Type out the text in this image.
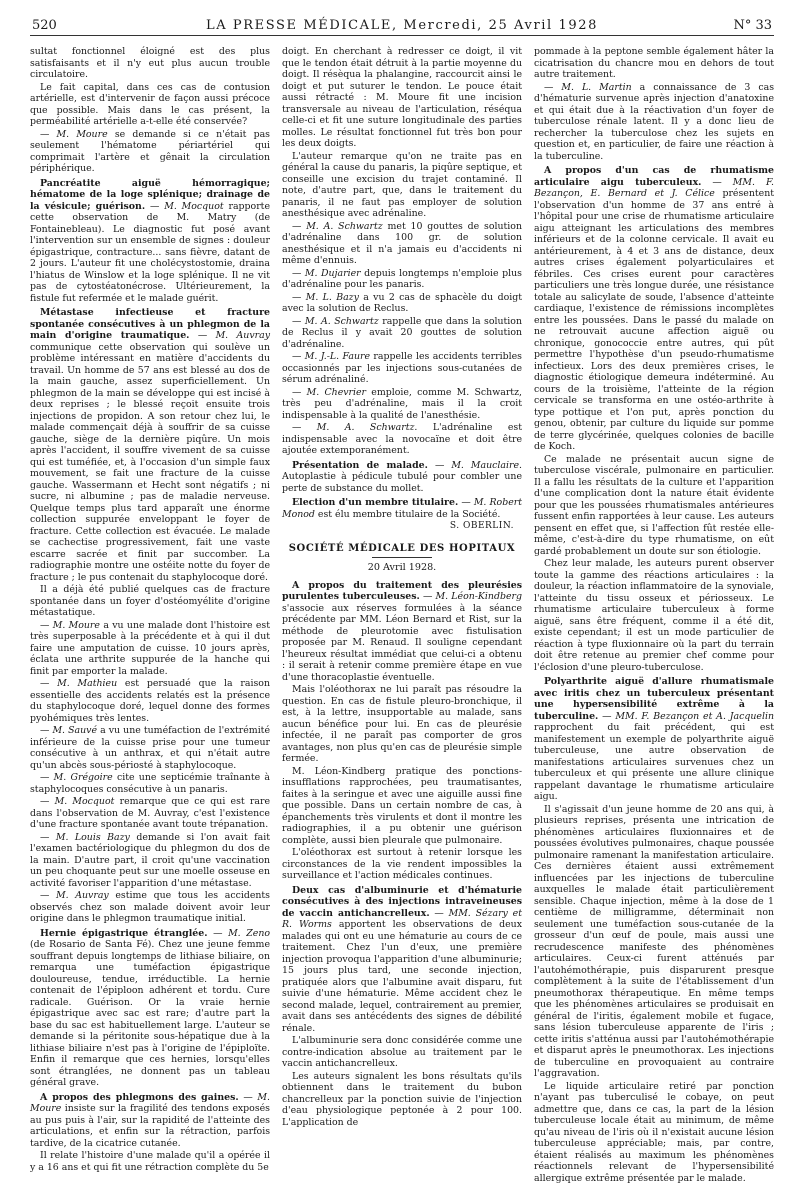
520	LA PRESSE MÉDICALE, Mercredi, 25 Avril 1928	N° 33

sultat fonctionnel éloigné est des plus satisfaisants et il n'y eut plus aucun trouble circulatoire.

Le fait capital, dans ces cas de contusion artérielle, est d'intervenir de façon aussi précoce que possible. Mais dans le cas présent, la perméabilité artérielle a-t-elle été conservée?

— M. Moure se demande si ce n'était pas seulement l'hématome périartériel qui comprimait l'artère et gênait la circulation périphérique.

Pancréatite aiguë hémorragique; hématome de la loge splénique; drainage de la vésicule; guérison. — M. Mocquot rapporte cette observation de M. Matry (de Fontainebleau). Le diagnostic fut posé avant l'intervention sur un ensemble de signes : douleur épigastrique, contracture... sans fièvre, datant de 2 jours. L'auteur fit une cholécystostomie, draina l'hiatus de Winslow et la loge splénique. Il ne vit pas de cytostéatonécrose. Ultérieurement, la fistule fut refermée et le malade guérit.

Métastase infectieuse et fracture spontanée consécutives à un phlegmon de la main d'origine traumatique. — M. Auvray communique cette observation qui soulève un problème intéressant en matière d'accidents du travail. Un homme de 57 ans est blessé au dos de la main gauche, assez superficiellement. Un phlegmon de la main se développe qui est incisé à deux reprises ; le blessé reçoit ensuite trois injections de propidon. A son retour chez lui, le malade commençait déjà à souffrir de sa cuisse gauche, siège de la dernière piqûre. Un mois après l'accident, il souffre vivement de sa cuisse qui est tuméfiée, et, à l'occasion d'un simple faux mouvement, se fait une fracture de la cuisse gauche. Wassermann et Hecht sont négatifs ; ni sucre, ni albumine ; pas de maladie nerveuse. Quelque temps plus tard apparaît une énorme collection suppurée enveloppant le foyer de fracture. Cette collection est évacuée. Le malade se cachectise progressivement, fait une vaste escarre sacrée et finit par succomber. La radiographie montre une ostéite notte du foyer de fracture ; le pus contenait du staphylocoque doré.

Il a déjà été publié quelques cas de fracture spontanée dans un foyer d'ostéomyélite d'origine métastatique.

— M. Moure a vu une malade dont l'histoire est très superposable à la précédente et à qui il dut faire une amputation de cuisse. 10 jours après, éclata une arthrite suppurée de la hanche qui finit par emporter la malade.

— M. Mathieu est persuadé que la raison essentielle des accidents relatés est la présence du staphylocoque doré, lequel donne des formes pyohémiques très lentes.

— M. Sauvé a vu une tuméfaction de l'extrémité inférieure de la cuisse prise pour une tumeur consécutive à un anthrax, et qui n'était autre qu'un abcès sous-périosté à staphylocoque.

— M. Grégoire cite une septicémie traînante à staphylocoques consécutive à un panaris.

— M. Mocquot remarque que ce qui est rare dans l'observation de M. Auvray, c'est l'existence d'une fracture spontanée avant toute trépanation.

— M. Louis Bazy demande si l'on avait fait l'examen bactériologique du phlegmon du dos de la main. D'autre part, il croit qu'une vaccination un peu choquante peut sur une moelle osseuse en activité favoriser l'apparition d'une métastase.

— M. Auvray estime que tous les accidents observés chez son malade doivent avoir leur origine dans le phlegmon traumatique initial.

Hernie épigastrique étranglée. — M. Zeno (de Rosario de Santa Fé). Chez une jeune femme souffrant depuis longtemps de lithiase biliaire, on remarqua une tuméfaction épigastrique douloureuse, tendue, irréductible. La hernie contenait de l'épiploon adhérent et tordu. Cure radicale. Guérison. Or la vraie hernie épigastrique avec sac est rare; d'autre part la base du sac est habituellement large. L'auteur se demande si la péritonite sous-hépatique due à la lithiase biliaire n'est pas à l'origine de l'épiploïte. Enfin il remarque que ces hernies, lorsqu'elles sont étranglées, ne donnent pas un tableau général grave.

A propos des phlegmons des gaines. — M. Moure insiste sur la fragilité des tendons exposés au pus puis à l'air, sur la rapidité de l'atteinte des articulations, et enfin sur la rétraction, parfois tardive, de la cicatrice cutanée.

Il relate l'histoire d'une malade qu'il a opérée il y a 16 ans et qui fit une rétraction complète du 5e

doigt. En cherchant à redresser ce doigt, il vit que le tendon était détruit à la partie moyenne du doigt. Il résèqua la phalangine, raccourcit ainsi le doigt et put suturer le tendon. Le pouce était aussi rétracté : M. Moure fit une incision transversale au niveau de l'articulation, réséqua celle-ci et fit une suture longitudinale des parties molles. Le résultat fonctionnel fut très bon pour les deux doigts.

L'auteur remarque qu'on ne traite pas en général la cause du panaris, la piqûre septique, et conseille une excision du trajet contaminé. Il note, d'autre part, que, dans le traitement du panaris, il ne faut pas employer de solution anesthésique avec adrénaline.

— M. A. Schwartz met 10 gouttes de solution d'adrénaline dans 100 gr. de solution anesthésique et il n'a jamais eu d'accidents ni même d'ennuis.

— M. Dujarier depuis longtemps n'emploie plus d'adrénaline pour les panaris.

— M. L. Bazy a vu 2 cas de sphacèle du doigt avec la solution de Reclus.

— M. A. Schwartz rappelle que dans la solution de Reclus il y avait 20 gouttes de solution d'adrénaline.

— M. J.-L. Faure rappelle les accidents terribles occasionnés par les injections sous-cutanées de sérum adrénaliné.

— M. Chevrier emploie, comme M. Schwartz, très peu d'adrénaline, mais il la croit indispensable à la qualité de l'anesthésie.

— M. A. Schwartz. L'adrénaline est indispensable avec la novocaïne et doit être ajoutée extemporanément.

Présentation de malade. — M. Mauclaire. Autoplastie à pédicule tubulé pour combler une perte de substance du mollet.

Election d'un membre titulaire. — M. Robert Monod est élu membre titulaire de la Société.

S. OBERLIN.
SOCIÉTÉ MÉDICALE DES HOPITAUX
20 Avril 1928.

A propos du traitement des pleurésies purulentes tuberculeuses. — M. Léon-Kindberg s'associe aux réserves formulées à la séance précédente par MM. Léon Bernard et Rist, sur la méthode de pleurotomie avec fistulisation proposée par M. Renaud. Il souligne cependant l'heureux résultat immédiat que celui-ci a obtenu : il serait à retenir comme première étape en vue d'une thoracoplastie éventuelle.

Mais l'oléothorax ne lui paraît pas résoudre la question. En cas de fistule pleuro-bronchique, il est, à la lettre, insupportable au malade, sans aucun bénéfice pour lui. En cas de pleurésie infectée, il ne paraît pas comporter de gros avantages, non plus qu'en cas de pleurésie simple fermée.

M. Léon-Kindberg pratique des ponctions-insufflations rapprochées, peu traumatisantes, faites à la seringue et avec une aiguille aussi fine que possible. Dans un certain nombre de cas, à épanchements très virulents et dont il montre les radiographies, il a pu obtenir une guérison complète, aussi bien pleurale que pulmonaire.

L'oléothorax est surtout à retenir lorsque les circonstances de la vie rendent impossibles la surveillance et l'action médicales continues.

Deux cas d'albuminurie et d'hématurie consécutives à des injections intraveineuses de vaccin antichancrelleux. — MM. Sézary et R. Worms apportent les observations de deux malades qui ont eu une hématurie au cours de ce traitement. Chez l'un d'eux, une première injection provoqua l'apparition d'une albuminurie; 15 jours plus tard, une seconde injection, pratiquée alors que l'albumine avait disparu, fut suivie d'une hématurie. Même accident chez le second malade, lequel, contrairement au premier, avait dans ses antécédents des signes de débilité rénale.

L'albuminurie sera donc considérée comme une contre-indication absolue au traitement par le vaccin antichancrelleux.

Les auteurs signalent les bons résultats qu'ils obtiennent dans le traitement du bubon chancrelleux par la ponction suivie de l'injection d'eau physiologique peptonée à 2 pour 100. L'application de

pommade à la peptone semble également hâter la cicatrisation du chancre mou en dehors de tout autre traitement.

— M. L. Martin a connaissance de 3 cas d'hématurie survenue après injection d'anatoxine et qui était due à la réactivation d'un foyer de tuberculose rénale latent. Il y a donc lieu de rechercher la tuberculose chez les sujets en question et, en particulier, de faire une réaction à la tuberculine.

A propos d'un cas de rhumatisme articulaire aigu tuberculeux. — MM. F. Bezançon, E. Bernard et J. Célice présentent l'observation d'un homme de 37 ans entré à l'hôpital pour une crise de rhumatisme articulaire aigu atteignant les articulations des membres inférieurs et de la colonne cervicale. Il avait eu antérieurement, à 4 et 3 ans de distance, deux autres crises également polyarticulaires et fébriles. Ces crises eurent pour caractères particuliers une très longue durée, une résistance totale au salicylate de soude, l'absence d'atteinte cardiaque, l'existence de rémissions incomplètes entre les poussées. Dans le passé du malade on ne retrouvait aucune affection aiguë ou chronique, gonococcie entre autres, qui pût permettre l'hypothèse d'un pseudo-rhumatisme infectieux. Lors des deux premières crises, le diagnostic étiologique demeura indéterminé. Au cours de la troisième, l'atteinte de la région cervicale se transforma en une ostéo-arthrite à type pottique et l'on put, après ponction du genou, obtenir, par culture du liquide sur pomme de terre glycérinée, quelques colonies de bacille de Koch.

Ce malade ne présentait aucun signe de tuberculose viscérale, pulmonaire en particulier. Il a fallu les résultats de la culture et l'apparition d'une complication dont la nature était évidente pour que les poussées rhumatismales antérieures fussent enfin rapportées à leur cause. Les auteurs pensent en effet que, si l'affection fût restée elle-même, c'est-à-dire du type rhumatisme, on eût gardé probablement un doute sur son étiologie.

Chez leur malade, les auteurs purent observer toute la gamme des réactions articulaires : la douleur, la réaction inflammatoire de la synoviale, l'atteinte du tissu osseux et périosseux. Le rhumatisme articulaire tuberculeux à forme aiguë, sans être fréquent, comme il a été dit, existe cependant; il est un mode particulier de réaction à type fluxionnaire où la part du terrain doit être retenue au premier chef comme pour l'éclosion d'une pleuro-tuberculose.

Polyarthrite aiguë d'allure rhumatismale avec iritis chez un tuberculeux présentant une hypersensibilité extrême à la tuberculine. — MM. F. Bezançon et A. Jacquelin rapprochent du fait précédent, qui est manifestement un exemple de polyarthrite aiguë tuberculeuse, une autre observation de manifestations articulaires survenues chez un tuberculeux et qui présente une allure clinique rappelant davantage le rhumatisme articulaire aigu.

Il s'agissait d'un jeune homme de 20 ans qui, à plusieurs reprises, présenta une intrication de phénomènes articulaires fluxionnaires et de poussées évolutives pulmonaires, chaque poussée pulmonaire ramenant la manifestation articulaire. Ces dernières étaient aussi extrêmement influencées par les injections de tuberculine auxquelles le malade était particulièrement sensible. Chaque injection, même à la dose de 1 centième de milligramme, déterminait non seulement une tuméfaction sous-cutanée de la grosseur d'un œuf de poule, mais aussi une recrudescence manifeste des phénomènes articulaires. Ceux-ci furent atténués par l'autohémothérapie, puis disparurent presque complètement à la suite de l'établissement d'un pneumothorax thérapeutique. En même temps que les phénomènes articulaires se produisait en général de l'iritis, également mobile et fugace, sans lésion tuberculeuse apparente de l'iris ; cette iritis s'atténua aussi par l'autohémothérapie et disparut après le pneumothorax. Les injections de tuberculine en provoquaient au contraire l'aggravation.

Le liquide articulaire retiré par ponction n'ayant pas tuberculisé le cobaye, on peut admettre que, dans ce cas, la part de la lésion tuberculeuse locale était au minimum, de même qu'au niveau de l'iris où il n'existait aucune lésion tuberculeuse appréciable; mais, par contre, étaient réalisés au maximum les phénomènes réactionnels relevant de l'hypersensibilité allergique extrême présentée par le malade.
